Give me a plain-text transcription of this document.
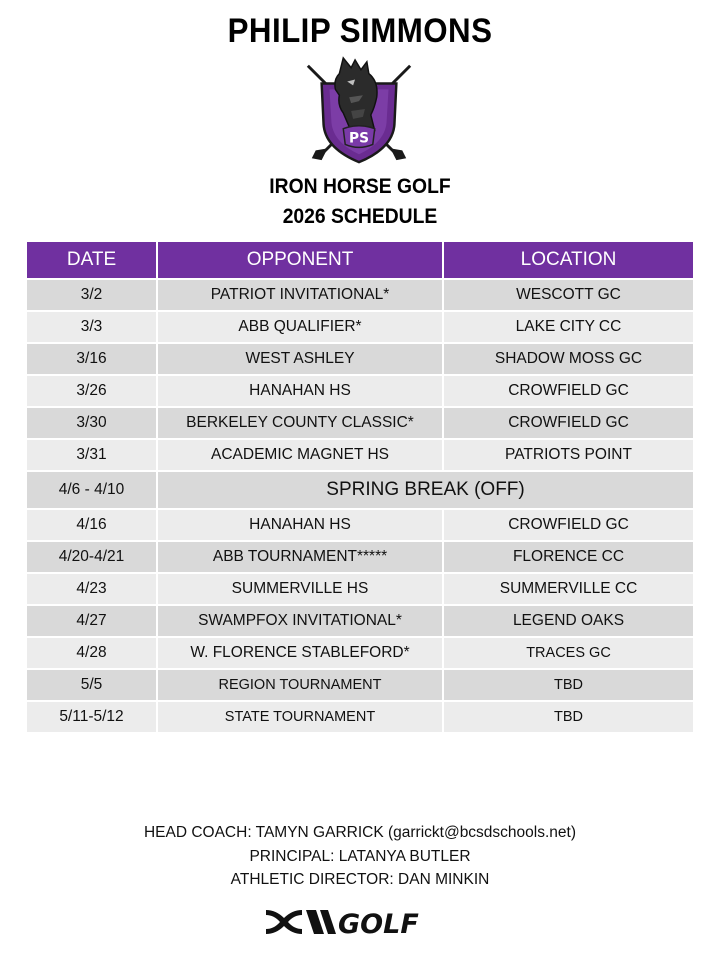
PHILIP SIMMONS
PS
IRON HORSE GOLF
2026 SCHEDULE
DATE	OPPONENT	LOCATION
3/2	PATRIOT INVITATIONAL*	WESCOTT GC
3/3	ABB QUALIFIER*	LAKE CITY CC
3/16	WEST ASHLEY	SHADOW MOSS GC
3/26	HANAHAN HS	CROWFIELD GC
3/30	BERKELEY COUNTY CLASSIC*	CROWFIELD GC
3/31	ACADEMIC MAGNET HS	PATRIOTS POINT
4/6 - 4/10	SPRING BREAK (OFF)	
4/16	HANAHAN HS	CROWFIELD GC
4/20-4/21	ABB TOURNAMENT*****	FLORENCE CC
4/23	SUMMERVILLE HS	SUMMERVILLE CC
4/27	SWAMPFOX INVITATIONAL*	LEGEND OAKS
4/28	W. FLORENCE STABLEFORD*	TRACES GC
5/5	REGION TOURNAMENT	TBD
5/11-5/12	STATE TOURNAMENT	TBD
HEAD COACH: TAMYN GARRICK (garrickt@bcsdschools.net)
PRINCIPAL: LATANYA BUTLER
ATHLETIC DIRECTOR: DAN MINKIN
GOLF
